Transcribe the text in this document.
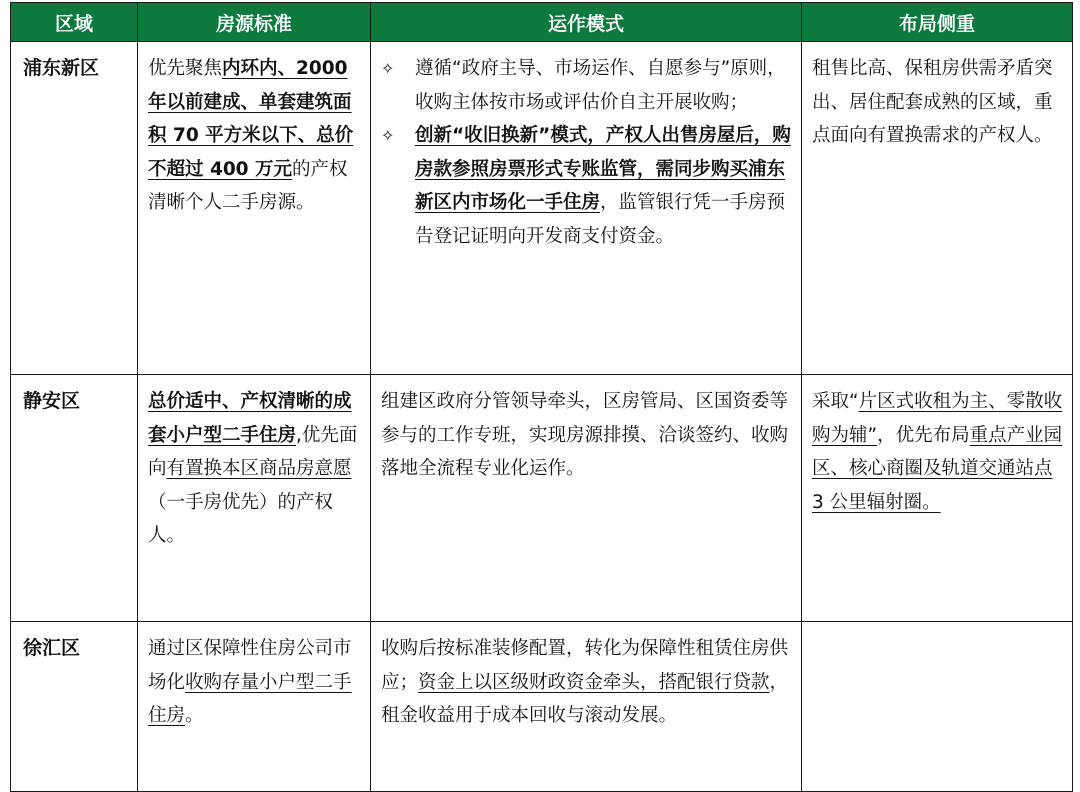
区域	房源标准	运作模式	布局侧重
浦东新区	优先聚焦内环内、2000 年以前建成、单套建筑面积 70 平方米以下、总价不超过 400 万元的产权清晰个人二手房源。	✧ 遵循“政府主导、市场运作、自愿参与”原则，收购主体按市场或评估价自主开展收购；
✧ 创新“收旧换新”模式，产权人出售房屋后，购房款参照房票形式专账监管，需同步购买浦东新区内市场化一手住房，监管银行凭一手房预告登记证明向开发商支付资金。	租售比高、保租房供需矛盾突出、居住配套成熟的区域，重点面向有置换需求的产权人。
静安区	总价适中、产权清晰的成套小户型二手住房,优先面向有置换本区商品房意愿（一手房优先）的产权人。	组建区政府分管领导牵头，区房管局、区国资委等参与的工作专班，实现房源排摸、洽谈签约、收购落地全流程专业化运作。	采取“片区式收租为主、零散收购为辅”，优先布局重点产业园区、核心商圈及轨道交通站点 3 公里辐射圈。
徐汇区	通过区保障性住房公司市场化收购存量小户型二手住房。	收购后按标准装修配置，转化为保障性租赁住房供应；资金上以区级财政资金牵头，搭配银行贷款，租金收益用于成本回收与滚动发展。	
